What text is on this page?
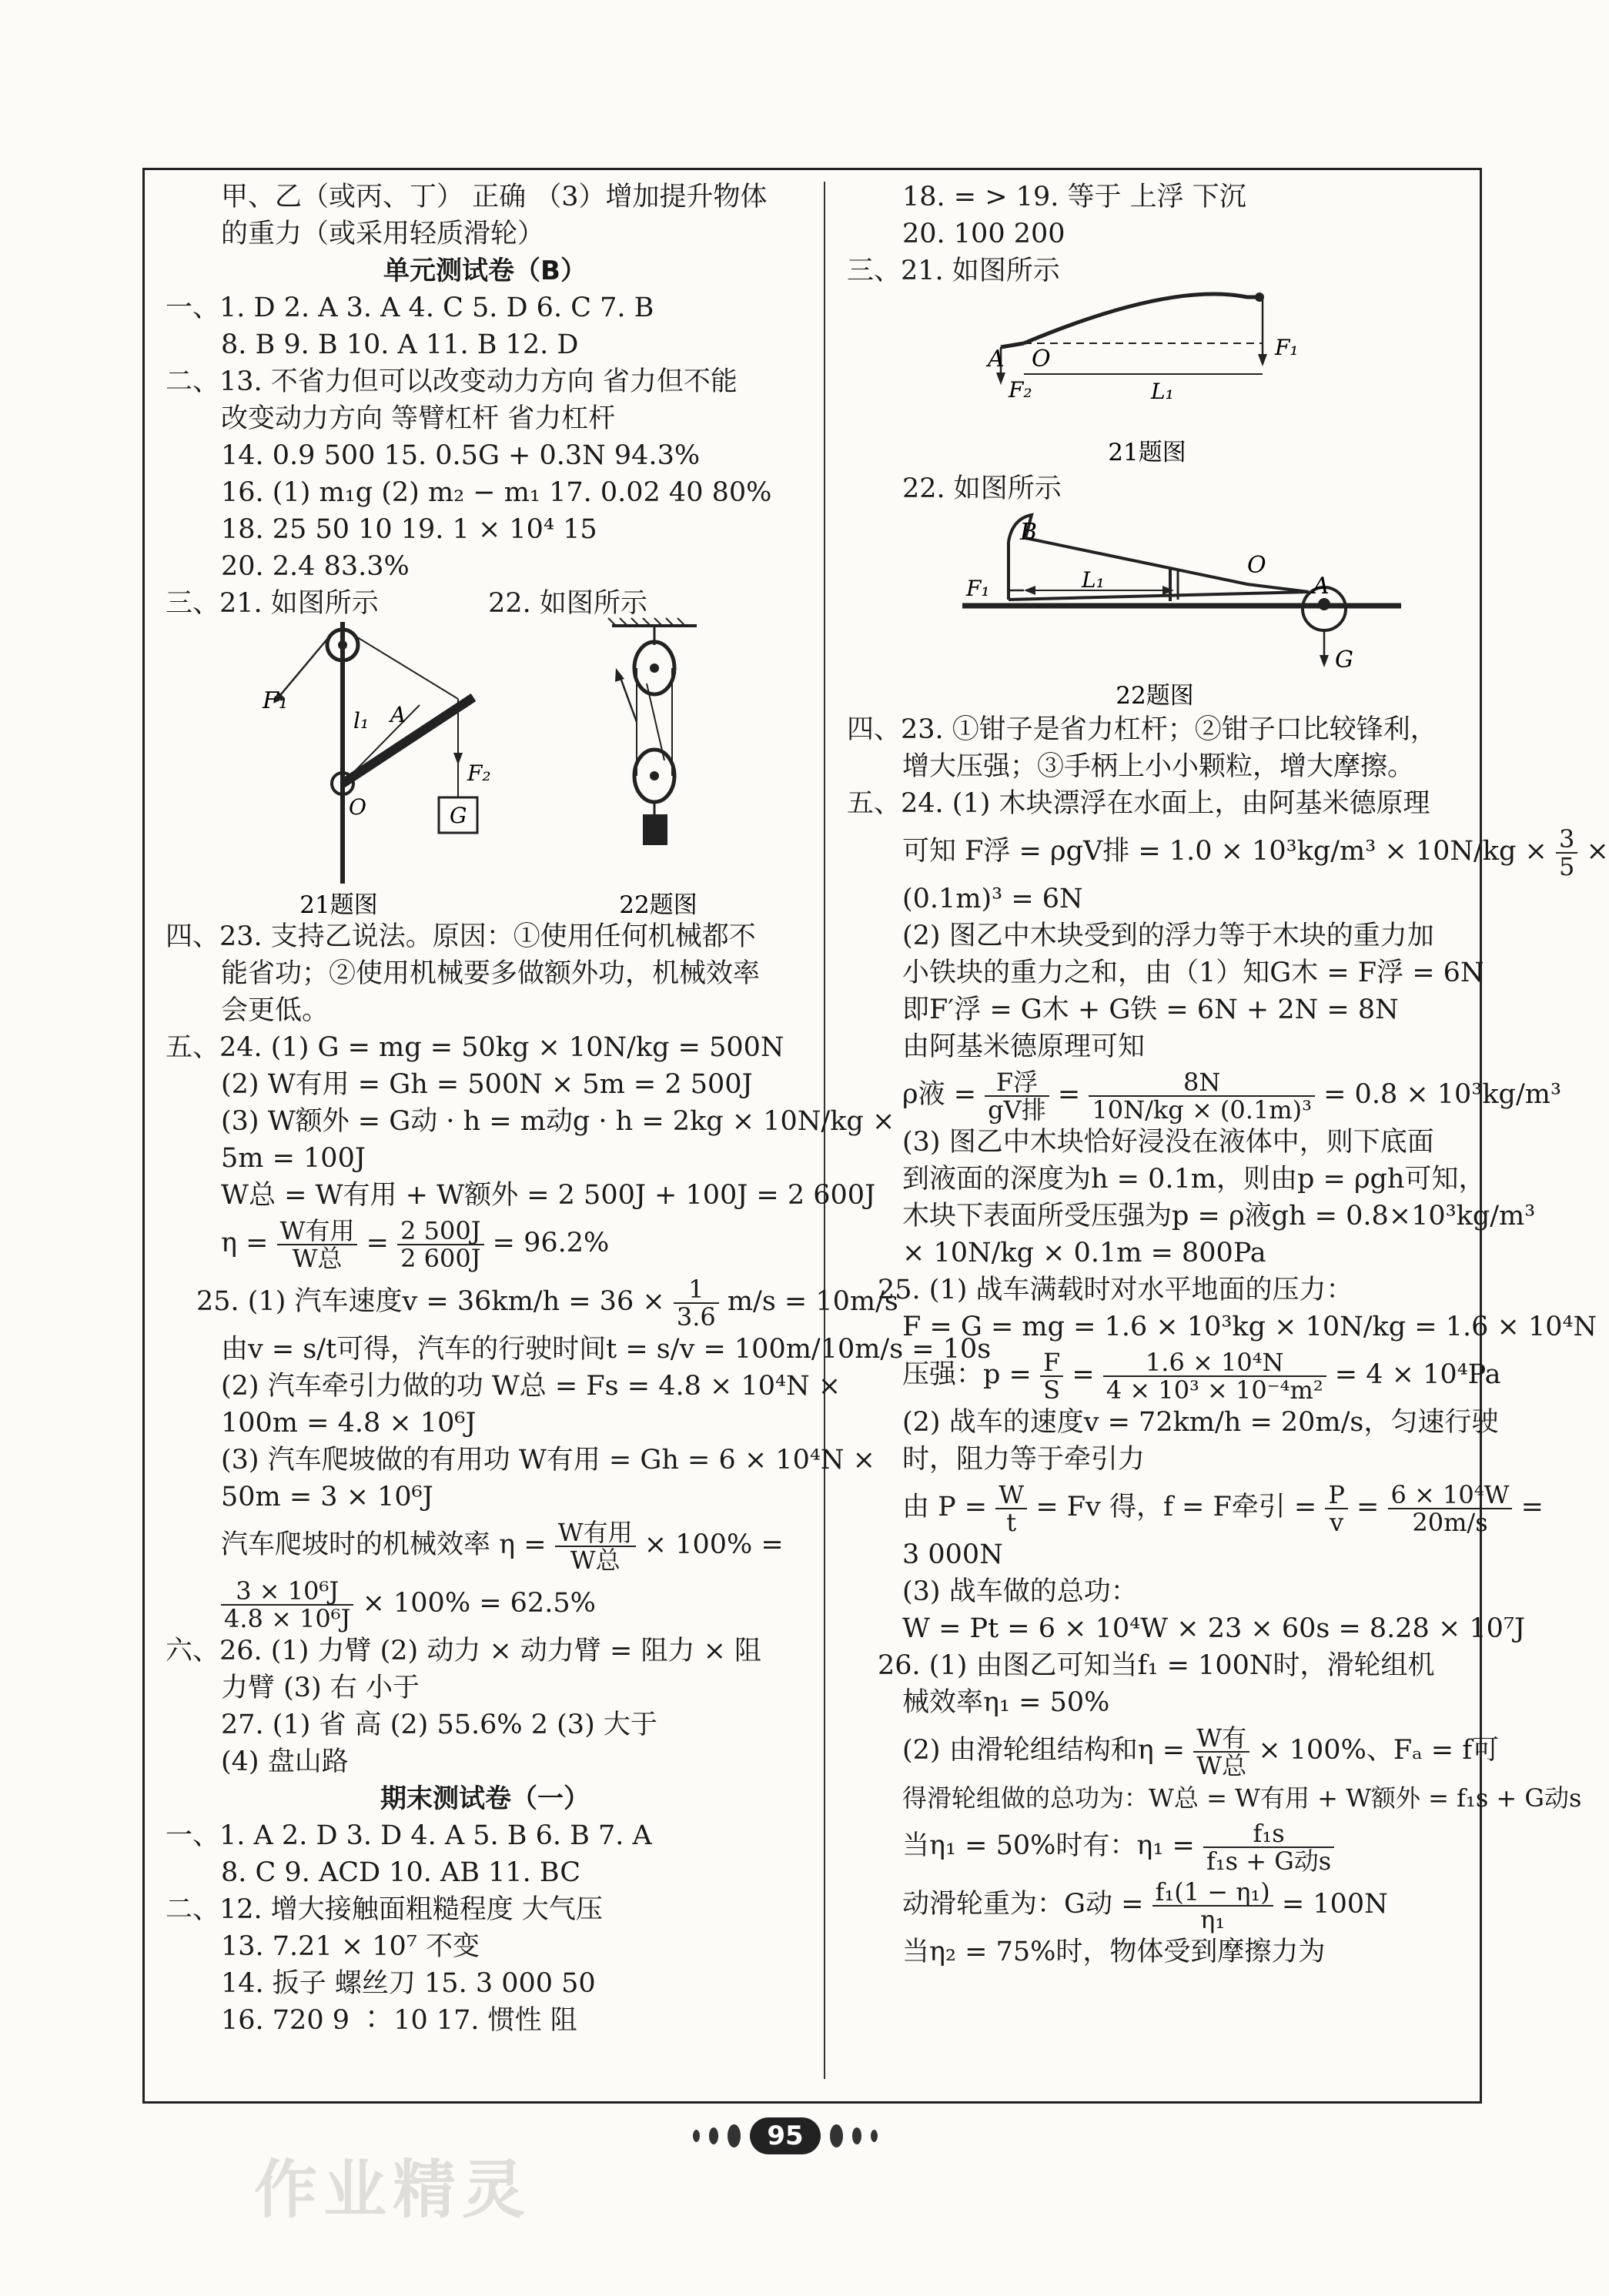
甲、乙（或丙、丁） 正确 （3）增加提升物体
的重力（或采用轻质滑轮）
单元测试卷（B）
一、1. D 2. A 3. A 4. C 5. D 6. C 7. B
8. B 9. B 10. A 11. B 12. D
二、13. 不省力但可以改变动力方向 省力但不能
改变动力方向 等臂杠杆 省力杠杆
14. 0.9 500 15. 0.5G + 0.3N 94.3%
16. (1) m₁g (2) m₂ − m₁ 17. 0.02 40 80%
18. 25 50 10 19. 1 × 10⁴ 15
20. 2.4 83.3%
三、21. 如图所示	22. 如图所示
F₁
l₁ A
O
F₂
G
21题图	22题图
四、23. 支持乙说法。原因：①使用任何机械都不
能省功；②使用机械要多做额外功，机械效率
会更低。
五、24. (1) G = mg = 50kg × 10N/kg = 500N
(2) W有用 = Gh = 500N × 5m = 2 500J
(3) W额外 = G动 · h = m动g · h = 2kg × 10N/kg ×
5m = 100J
W总 = W有用 + W额外 = 2 500J + 100J = 2 600J
$\eta = \frac{\text{W有用}}{\text{W总}} = \frac{2 500J}{2 600J} = 96.2\%$
25. (1) 汽车速度$v = 36km/h = 36 \times \frac{1}{3.6} m/s = 10m/s$
由v = s/t可得，汽车的行驶时间t = s/v = 100m/10m/s = 10s
(2) 汽车牵引力做的功 W总 = Fs = 4.8 × 10⁴N ×
100m = 4.8 × 10⁶J
(3) 汽车爬坡做的有用功 W有用 = Gh = 6 × 10⁴N ×
50m = 3 × 10⁶J
汽车爬坡时的机械效率 $\eta = \frac{\text{W有用}}{\text{W总}} \times 100\%$ =
$\frac{\text{3 × 10⁶J}}{\text{4.8 × 10⁶J}} \times 100\% = 62.5\%$
六、26. (1) 力臂 (2) 动力 × 动力臂 = 阻力 × 阻
力臂 (3) 右 小于
27. (1) 省 高 (2) 55.6% 2 (3) 大于
(4) 盘山路
期末测试卷（一）
一、1. A 2. D 3. D 4. A 5. B 6. B 7. A
8. C 9. ACD 10. AB 11. BC
二、12. 增大接触面粗糙程度 大气压
13. 7.21 × 10⁷ 不变
14. 扳子 螺丝刀 15. 3 000 50
16. 720 9 ∶ 10 17. 惯性 阻
18. = > 19. 等于 上浮 下沉
20. 100 200
三、21. 如图所示
A O	F₁
F₂	L₁
21题图
22. 如图所示
B
O
F₁	L₁	A
G
22题图
四、23. ①钳子是省力杠杆；②钳子口比较锋利，
增大压强；③手柄上小小颗粒，增大摩擦。
五、24. (1) 木块漂浮在水面上，由阿基米德原理
可知 F浮 = ρgV排 = $1.0 \times 10^3kg/m^3 \times 10N/kg \times \frac{3}{5}$ ×
(0.1m)³ = 6N
(2) 图乙中木块受到的浮力等于木块的重力加
小铁块的重力之和，由（1）知G木 = F浮 = 6N
即F′浮 = G木 + G铁 = 6N + 2N = 8N
由阿基米德原理可知
ρ液 = $\frac{\text{F浮}}{\text{gV排}} = \frac{8N}{\text{10N/kg × (0.1m)³}} = 0.8 \times 10^3kg/m^3$
(3) 图乙中木块恰好浸没在液体中，则下底面
到液面的深度为h = 0.1m，则由p = ρgh可知，
木块下表面所受压强为p = ρ液gh = 0.8×10³kg/m³
× 10N/kg × 0.1m = 800Pa
25. (1) 战车满载时对水平地面的压力：
F = G = mg = 1.6 × 10³kg × 10N/kg = 1.6 × 10⁴N
压强：$p = \frac{F}{S} = \frac{\text{1.6 × 10⁴N}}{\text{4 × 10³ × 10⁻⁴m²}} = 4 \times 10^4Pa$
(2) 战车的速度v = 72km/h = 20m/s，匀速行驶
时，阻力等于牵引力
由 $P = \frac{W}{t} = Fv$ 得，f = F牵引 = $\frac{P}{v} = \frac{\text{6 × 10⁴W}}{20m/s}$ =
3 000N
(3) 战车做的总功：
W = Pt = 6 × 10⁴W × 23 × 60s = 8.28 × 10⁷J
26. (1) 由图乙可知当f₁ = 100N时，滑轮组机
械效率η₁ = 50%
(2) 由滑轮组结构和$\eta = \frac{\text{W有}}{\text{W总}} \times 100\%$、Fₐ = f可
得滑轮组做的总功为：W总 = W有用 + W额外 = f₁s + G动s
当η₁ = 50%时有：$\eta_1 = \frac{\text{f₁s}}{\text{f₁s + G动s}}$
动滑轮重为：G动 = $\frac{\text{f₁(1 − η₁)}}{\text{η₁}} = 100N$
当η₂ = 75%时，物体受到摩擦力为
95
作业精灵
